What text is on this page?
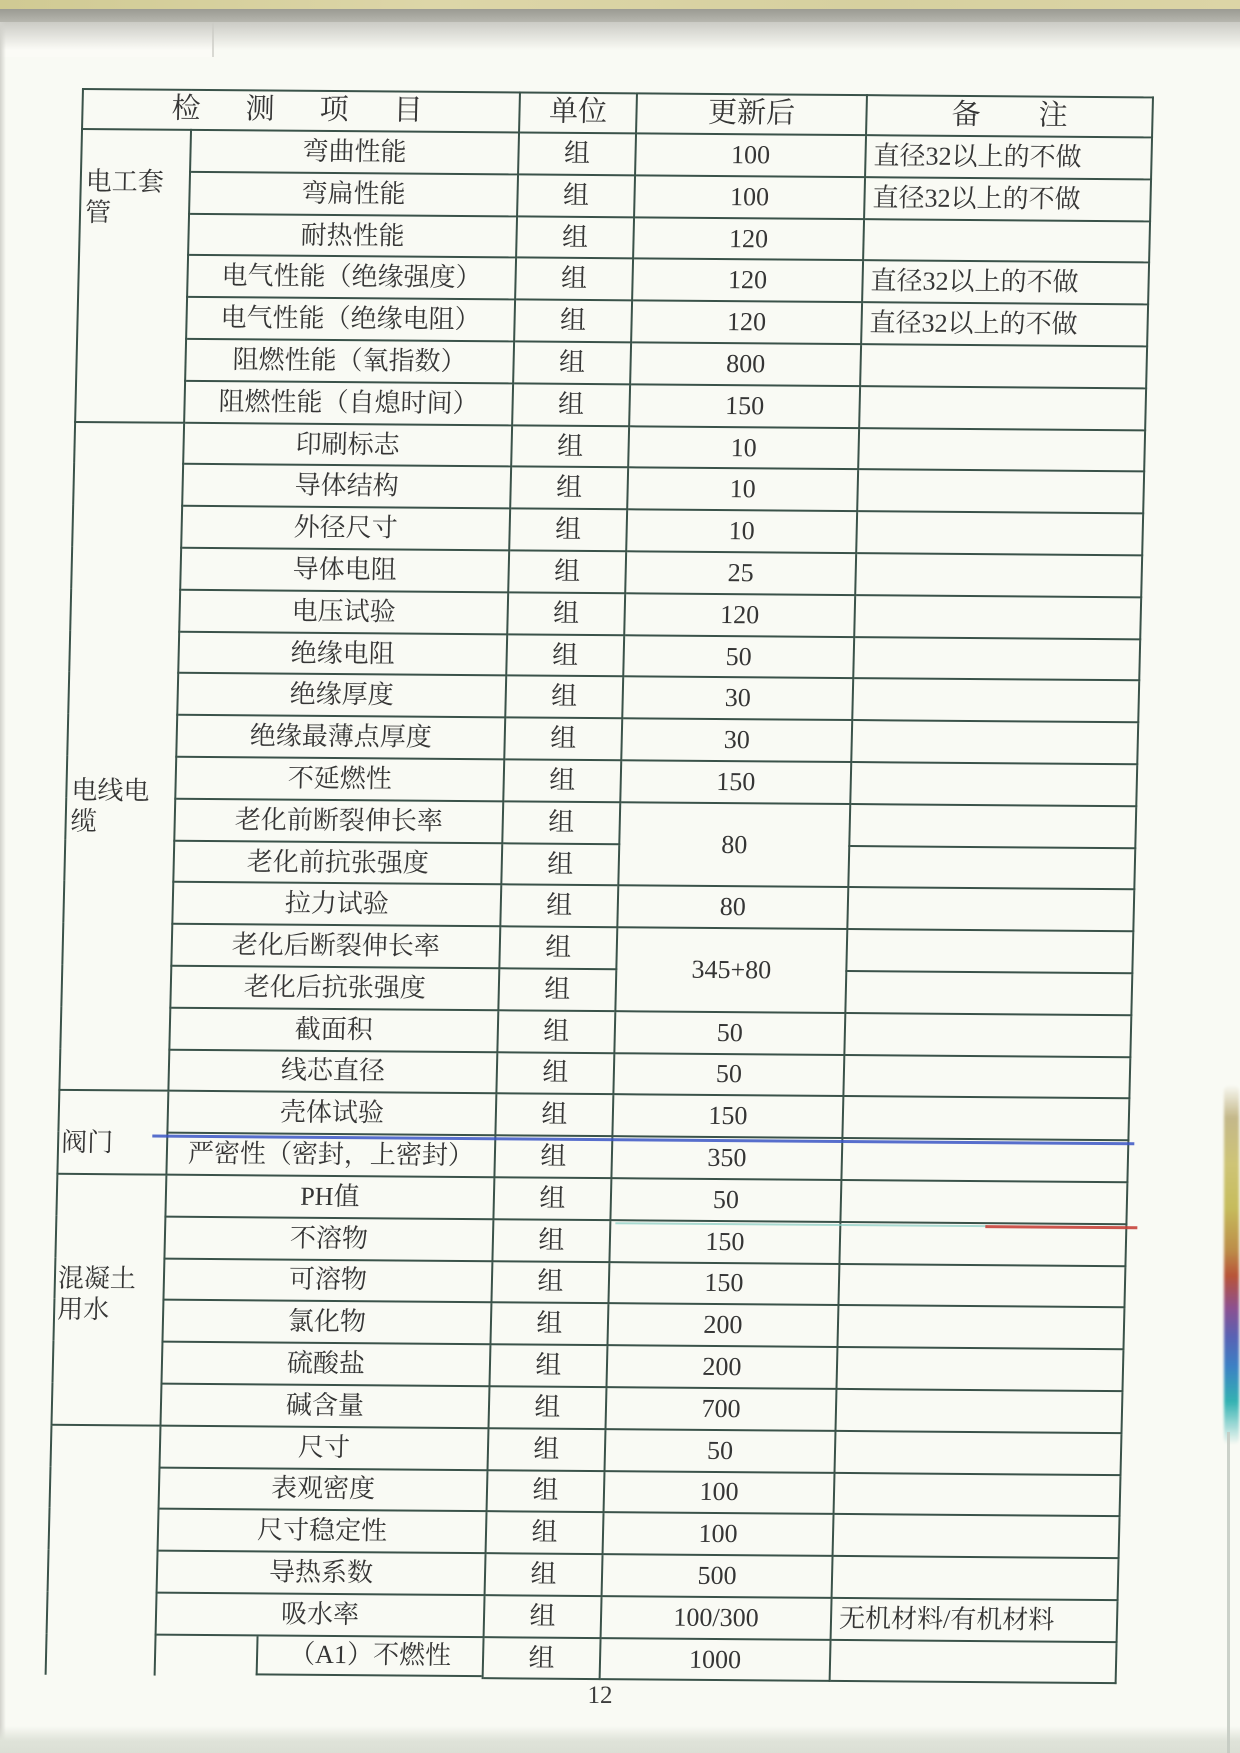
检　测　项　目		单位	更新后	备　　注
电工套管	弯曲性能	组	100	直径32以上的不做
	弯扁性能	组	100	直径32以上的不做
	耐热性能	组	120	
	电气性能（绝缘强度）	组	120	直径32以上的不做
	电气性能（绝缘电阻）	组	120	直径32以上的不做
	阻燃性能（氧指数）	组	800	
	阻燃性能（自熄时间）	组	150	
电线电缆	印刷标志	组	10	
	导体结构	组	10	
	外径尺寸	组	10	
	导体电阻	组	25	
	电压试验	组	120	
	绝缘电阻	组	50	
	绝缘厚度	组	30	
	绝缘最薄点厚度	组	30	
	不延燃性	组	150	
	老化前断裂伸长率	组	80	
	老化前抗张强度	组		
	拉力试验	组	80	
	老化后断裂伸长率	组	345+80	
	老化后抗张强度	组		
	截面积	组	50	
	线芯直径	组	50	
阀门	壳体试验	组	150	
	严密性（密封，上密封）	组	350	
混凝土用水	PH值	组	50	
	不溶物	组	150	
	可溶物	组	150	
	氯化物	组	200	
	硫酸盐	组	200	
	碱含量	组	700	
	尺寸	组	50	
	表观密度	组	100	
	尺寸稳定性	组	100	
	导热系数	组	500	
	吸水率	组	100/300	无机材料/有机材料

	（A1）不燃性	组	1000	
12
